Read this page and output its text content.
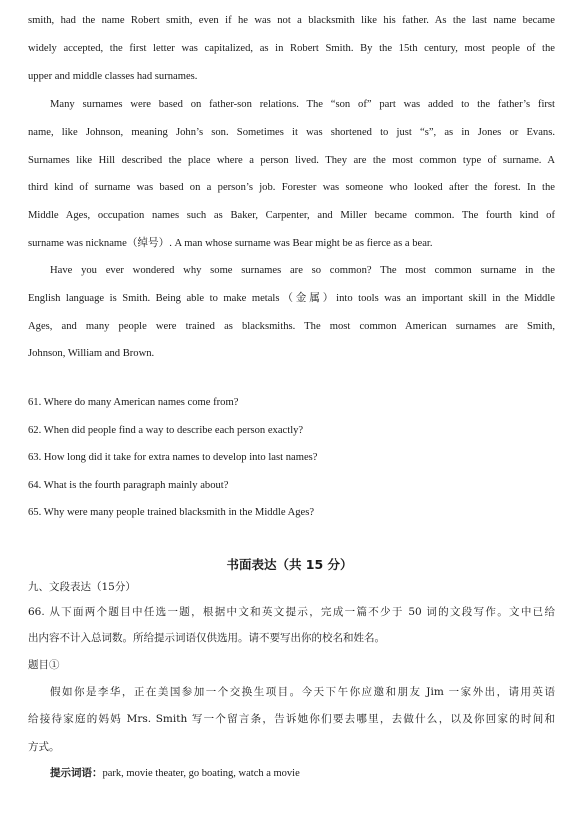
smith, had the name Robert smith, even if he was not a blacksmith like his father. As the last name became
widely accepted, the first letter was capitalized, as in Robert Smith. By the 15th century, most people of the
upper and middle classes had surnames.
Many surnames were based on father-son relations. The “son of” part was added to the father’s first
name, like Johnson, meaning John’s son. Sometimes it was shortened to just “s”, as in Jones or Evans.
Surnames like Hill described the place where a person lived. They are the most common type of surname. A
third kind of surname was based on a person’s job. Forester was someone who looked after the forest. In the
Middle Ages, occupation names such as Baker, Carpenter, and Miller became common. The fourth kind of
surname was nickname（绰号）. A man whose surname was Bear might be as fierce as a bear.
Have you ever wondered why some surnames are so common? The most common surname in the
English language is Smith. Being able to make metals（金属）into tools was an important skill in the Middle
Ages, and many people were trained as blacksmiths. The most common American surnames are Smith,
Johnson, William and Brown.
61. Where do many American names come from?
62. When did people find a way to describe each person exactly?
63. How long did it take for extra names to develop into last names?
64. What is the fourth paragraph mainly about?
65. Why were many people trained blacksmith in the Middle Ages?
书面表达（共 15 分）
九、文段表达（15分）
66. 从下面两个题目中任选一题，根据中文和英文提示，完成一篇不少于 50 词的文段写作。文中已给
出内容不计入总词数。所给提示词语仅供选用。请不要写出你的校名和姓名。
题目①
假如你是李华，正在美国参加一个交换生项目。今天下午你应邀和朋友 Jim 一家外出，请用英语
给接待家庭的妈妈 Mrs. Smith 写一个留言条，告诉她你们要去哪里，去做什么，以及你回家的时间和
方式。
提示词语：park, movie theater, go boating, watch a movie
